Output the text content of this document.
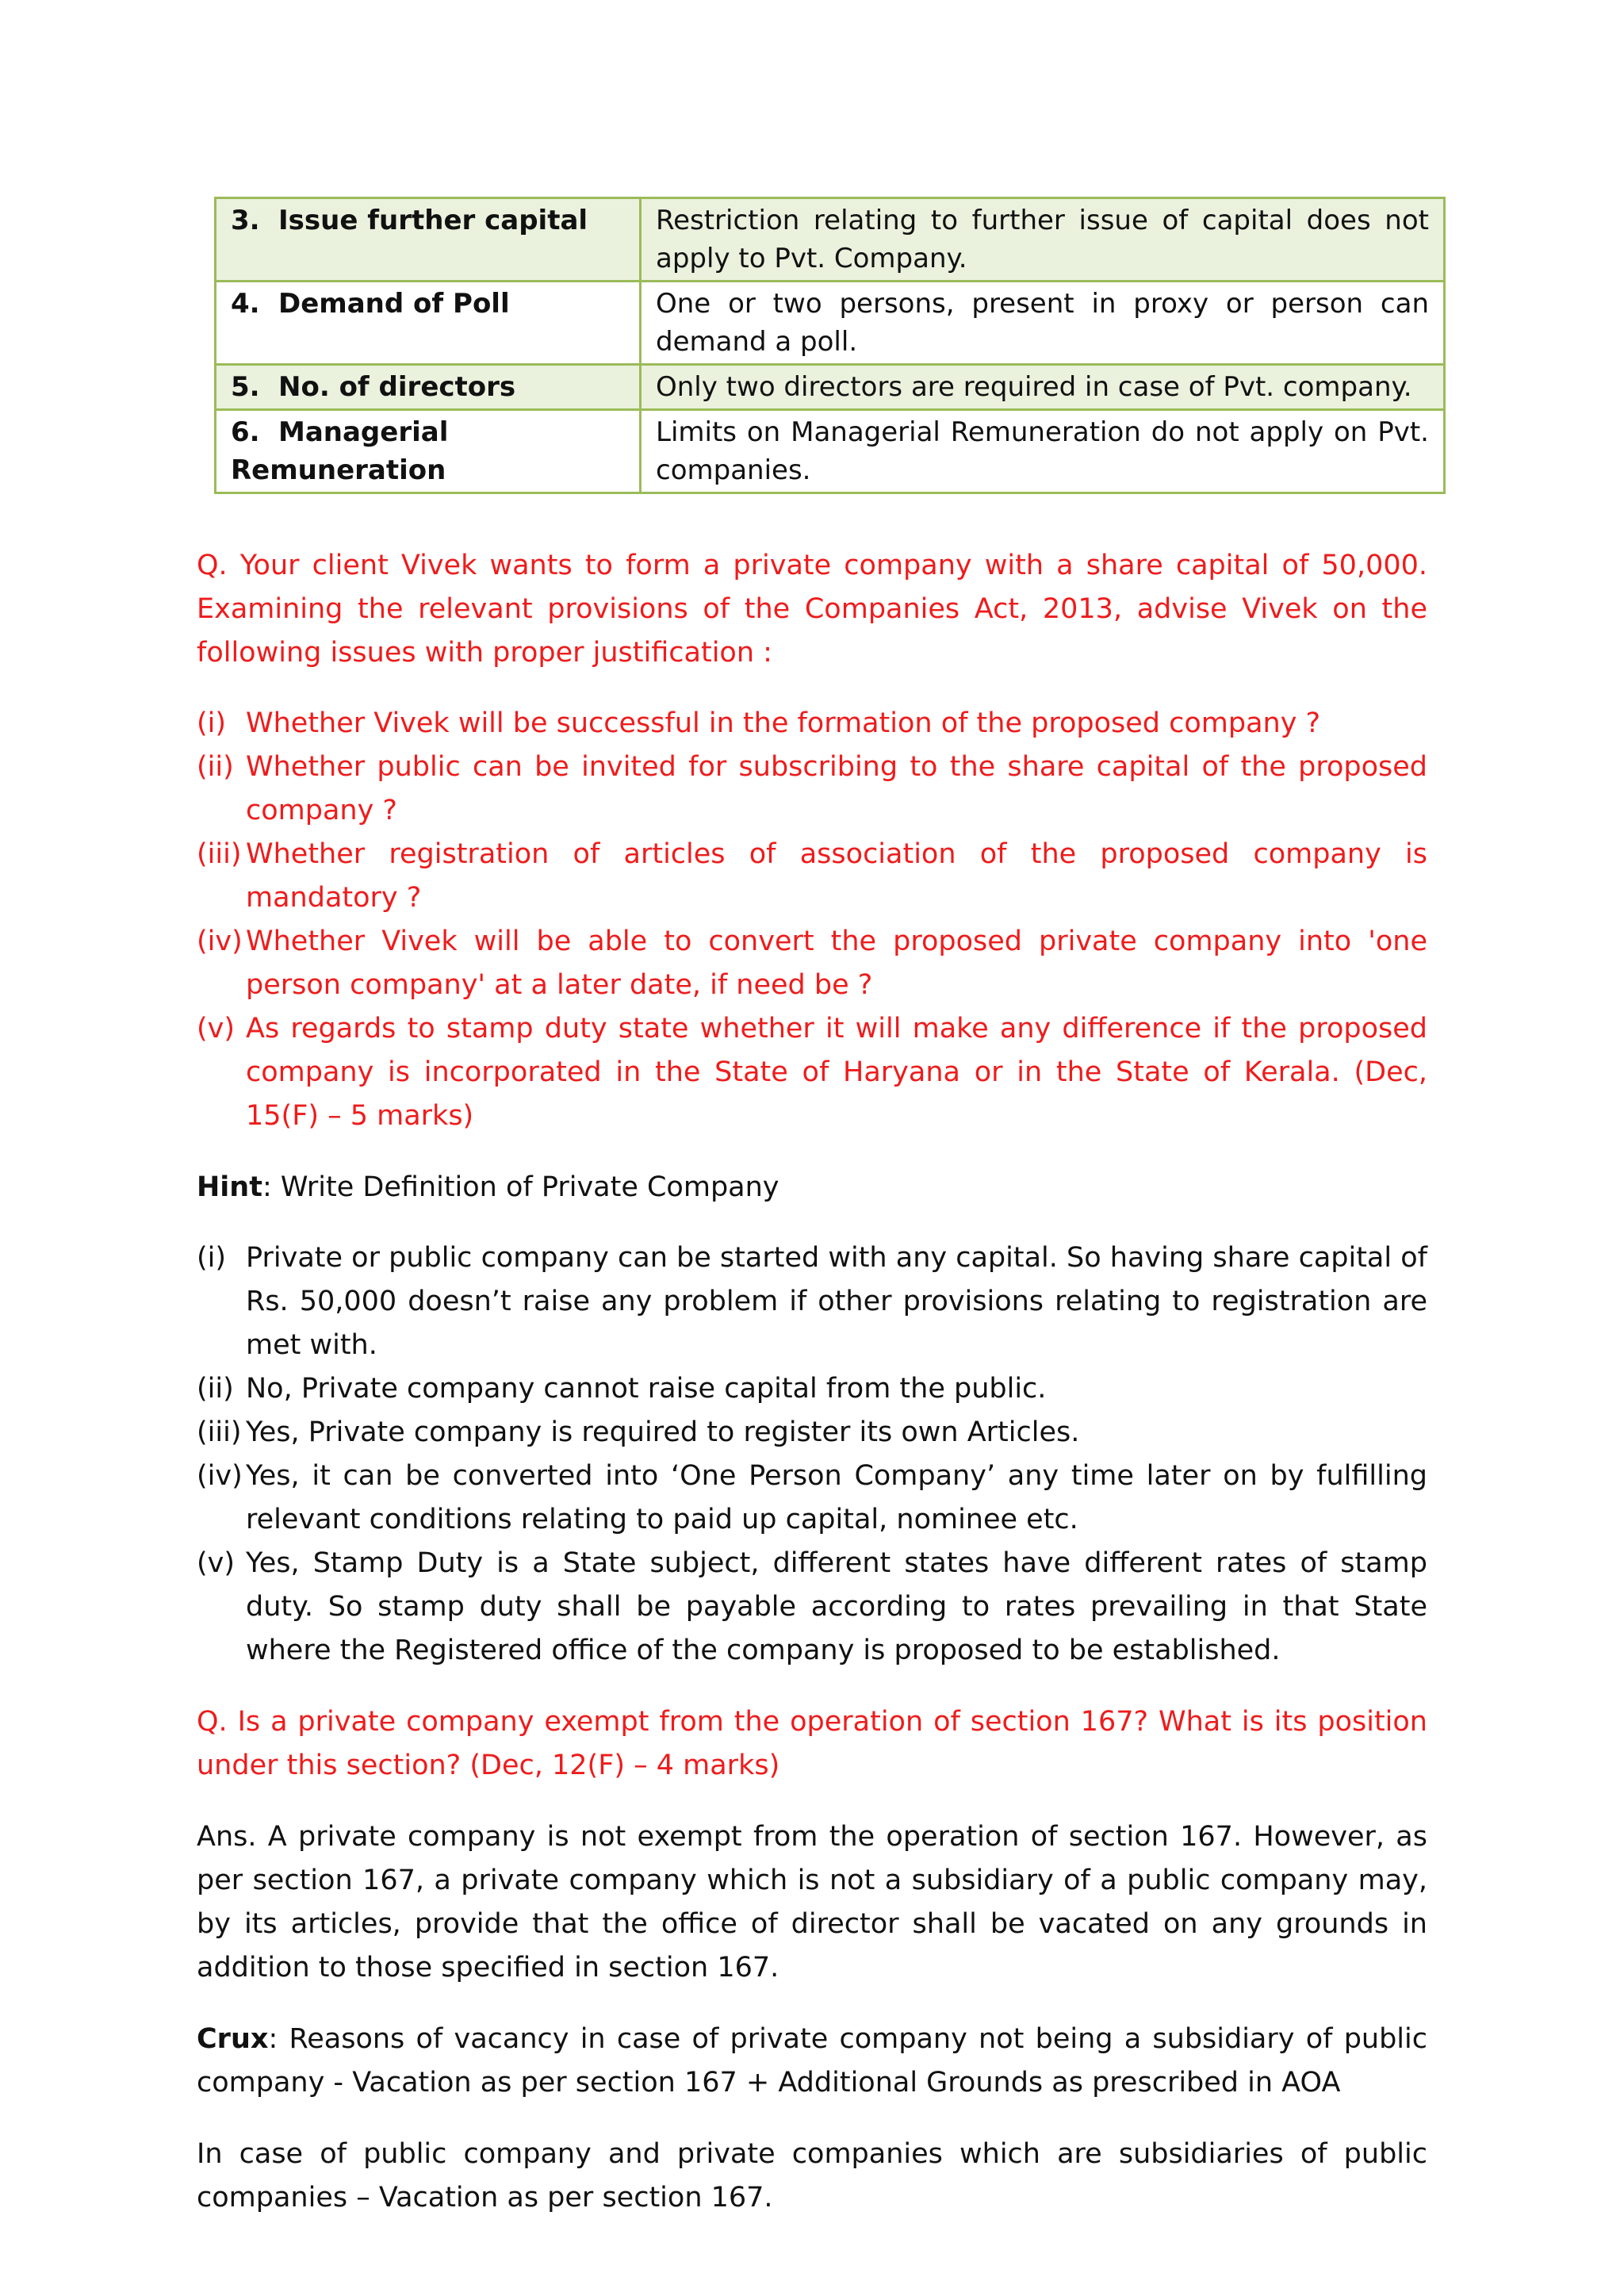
3. Issue further capital	Restriction relating to further issue of capital does not apply to Pvt. Company.
4. Demand of Poll	One or two persons, present in proxy or person can demand a poll.
5. No. of directors	Only two directors are required in case of Pvt. company.
6. Managerial Remuneration	Limits on Managerial Remuneration do not apply on Pvt. companies.

Q. Your client Vivek wants to form a private company with a share capital of 50,000. Examining the relevant provisions of the Companies Act, 2013, advise Vivek on the following issues with proper justification :

(i) Whether Vivek will be successful in the formation of the proposed company ?
(ii) Whether public can be invited for subscribing to the share capital of the proposed company ?
(iii) Whether registration of articles of association of the proposed company is mandatory ?
(iv) Whether Vivek will be able to convert the proposed private company into 'one person company' at a later date, if need be ?
(v) As regards to stamp duty state whether it will make any difference if the proposed company is incorporated in the State of Haryana or in the State of Kerala. (Dec, 15(F) – 5 marks)

Hint: Write Definition of Private Company

(i) Private or public company can be started with any capital. So having share capital of Rs. 50,000 doesn’t raise any problem if other provisions relating to registration are met with.
(ii) No, Private company cannot raise capital from the public.
(iii) Yes, Private company is required to register its own Articles.
(iv) Yes, it can be converted into ‘One Person Company’ any time later on by fulfilling relevant conditions relating to paid up capital, nominee etc.
(v) Yes, Stamp Duty is a State subject, different states have different rates of stamp duty. So stamp duty shall be payable according to rates prevailing in that State where the Registered office of the company is proposed to be established.

Q. Is a private company exempt from the operation of section 167? What is its position under this section? (Dec, 12(F) – 4 marks)

Ans. A private company is not exempt from the operation of section 167. However, as per section 167, a private company which is not a subsidiary of a public company may, by its articles, provide that the office of director shall be vacated on any grounds in addition to those specified in section 167.

Crux: Reasons of vacancy in case of private company not being a subsidiary of public company - Vacation as per section 167 + Additional Grounds as prescribed in AOA

In case of public company and private companies which are subsidiaries of public companies – Vacation as per section 167.
